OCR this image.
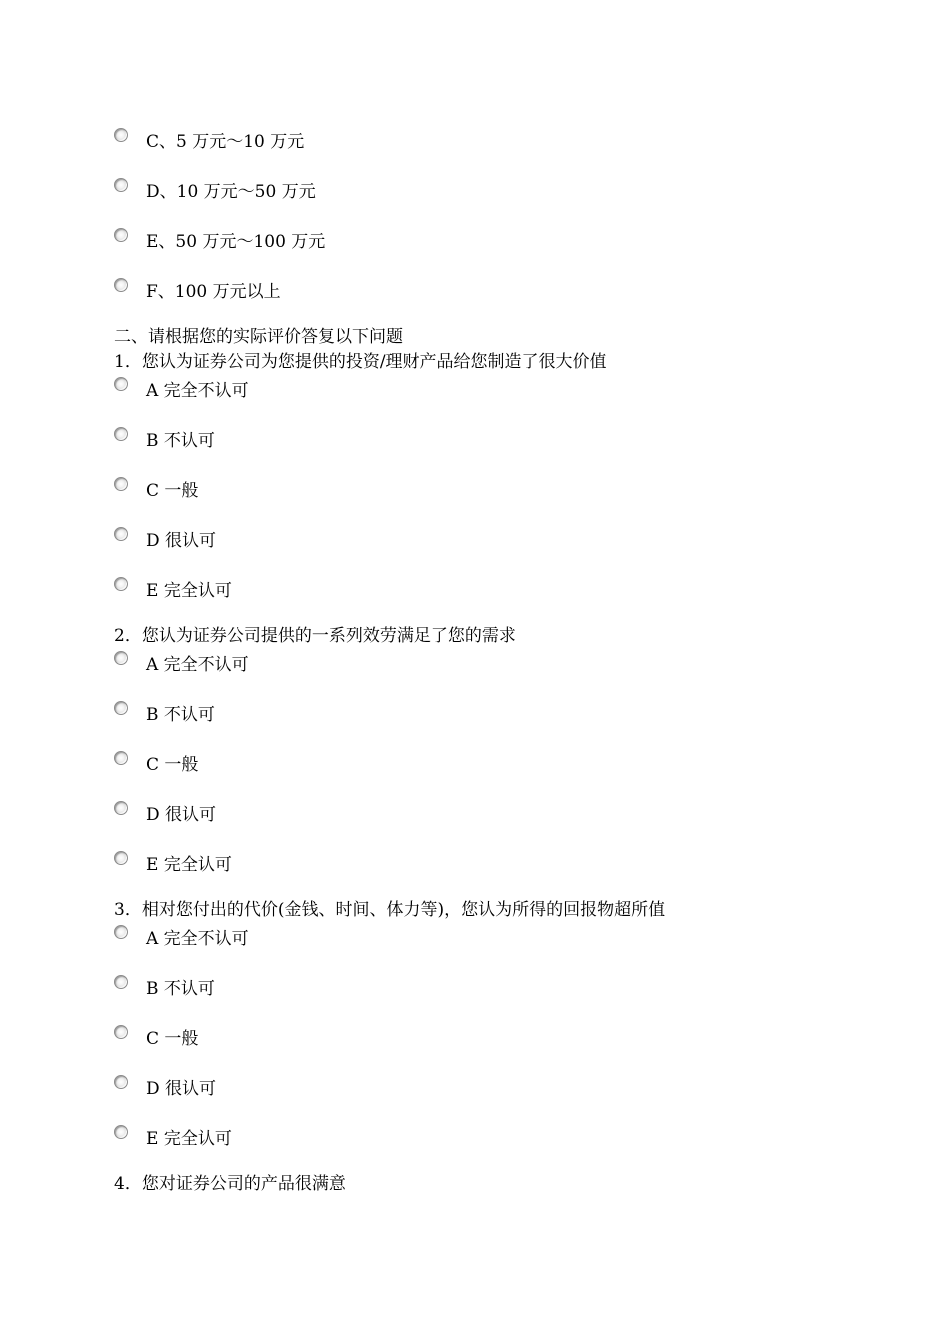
C、5 万元～10 万元
D、10 万元～50 万元
E、50 万元～100 万元
F、100 万元以上
二、请根据您的实际评价答复以下问题
1．您认为证券公司为您提供的投资/理财产品给您制造了很大价值
A 完全不认可
B 不认可
C 一般
D 很认可
E 完全认可
2．您认为证券公司提供的一系列效劳满足了您的需求
A 完全不认可
B 不认可
C 一般
D 很认可
E 完全认可
3．相对您付出的代价(金钱、时间、体力等)，您认为所得的回报物超所值
A 完全不认可
B 不认可
C 一般
D 很认可
E 完全认可
4．您对证券公司的产品很满意
